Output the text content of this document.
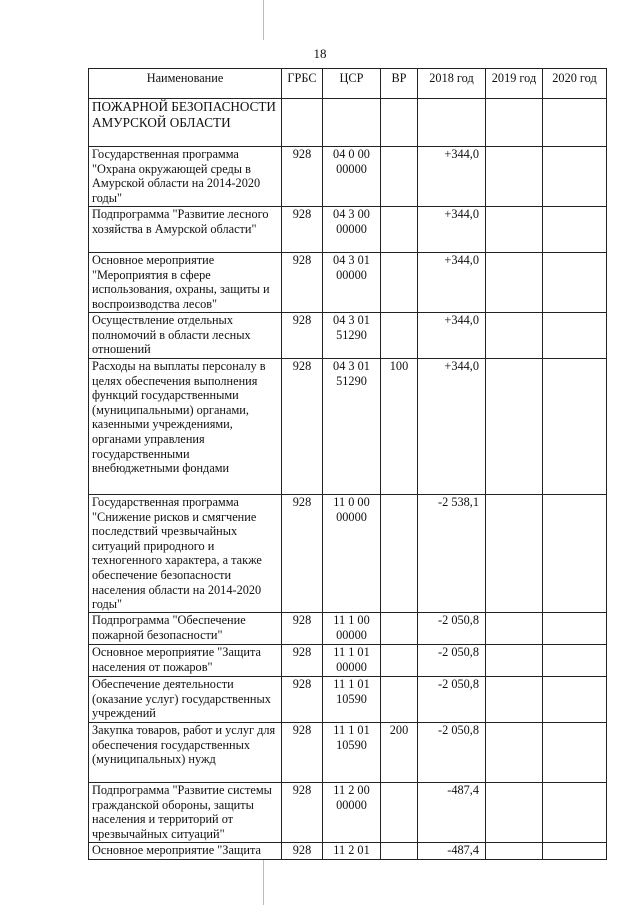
18
Наименование	ГРБС	ЦСР	ВР	2018 год	2019 год	2020 год
ПОЖАРНОЙ БЕЗОПАСНОСТИ АМУРСКОЙ ОБЛАСТИ						
Государственная программа "Охрана окружающей среды в Амурской области на 2014-2020 годы"	928	04 0 00 00000		+344,0		
Подпрограмма "Развитие лесного хозяйства в Амурской области"	928	04 3 00 00000		+344,0		
Основное мероприятие "Мероприятия в сфере использования, охраны, защиты и воспроизводства лесов"	928	04 3 01 00000		+344,0		
Осуществление отдельных полномочий в области лесных отношений	928	04 3 01 51290		+344,0		
Расходы на выплаты персоналу в целях обеспечения выполнения функций государственными (муниципальными) органами, казенными учреждениями, органами управления государственными внебюджетными фондами	928	04 3 01 51290	100	+344,0		
Государственная программа "Снижение рисков и смягчение последствий чрезвычайных ситуаций природного и техногенного характера, а также обеспечение безопасности населения области на 2014-2020 годы"	928	11 0 00 00000		-2 538,1		
Подпрограмма "Обеспечение пожарной безопасности"	928	11 1 00 00000		-2 050,8		
Основное мероприятие "Защита населения от пожаров"	928	11 1 01 00000		-2 050,8		
Обеспечение деятельности (оказание услуг) государственных учреждений	928	11 1 01 10590		-2 050,8		
Закупка товаров, работ и услуг для обеспечения государственных (муниципальных) нужд	928	11 1 01 10590	200	-2 050,8		
Подпрограмма "Развитие системы гражданской обороны, защиты населения и территорий от чрезвычайных ситуаций"	928	11 2 00 00000		-487,4		
Основное мероприятие "Защита	928	11 2 01		-487,4		
